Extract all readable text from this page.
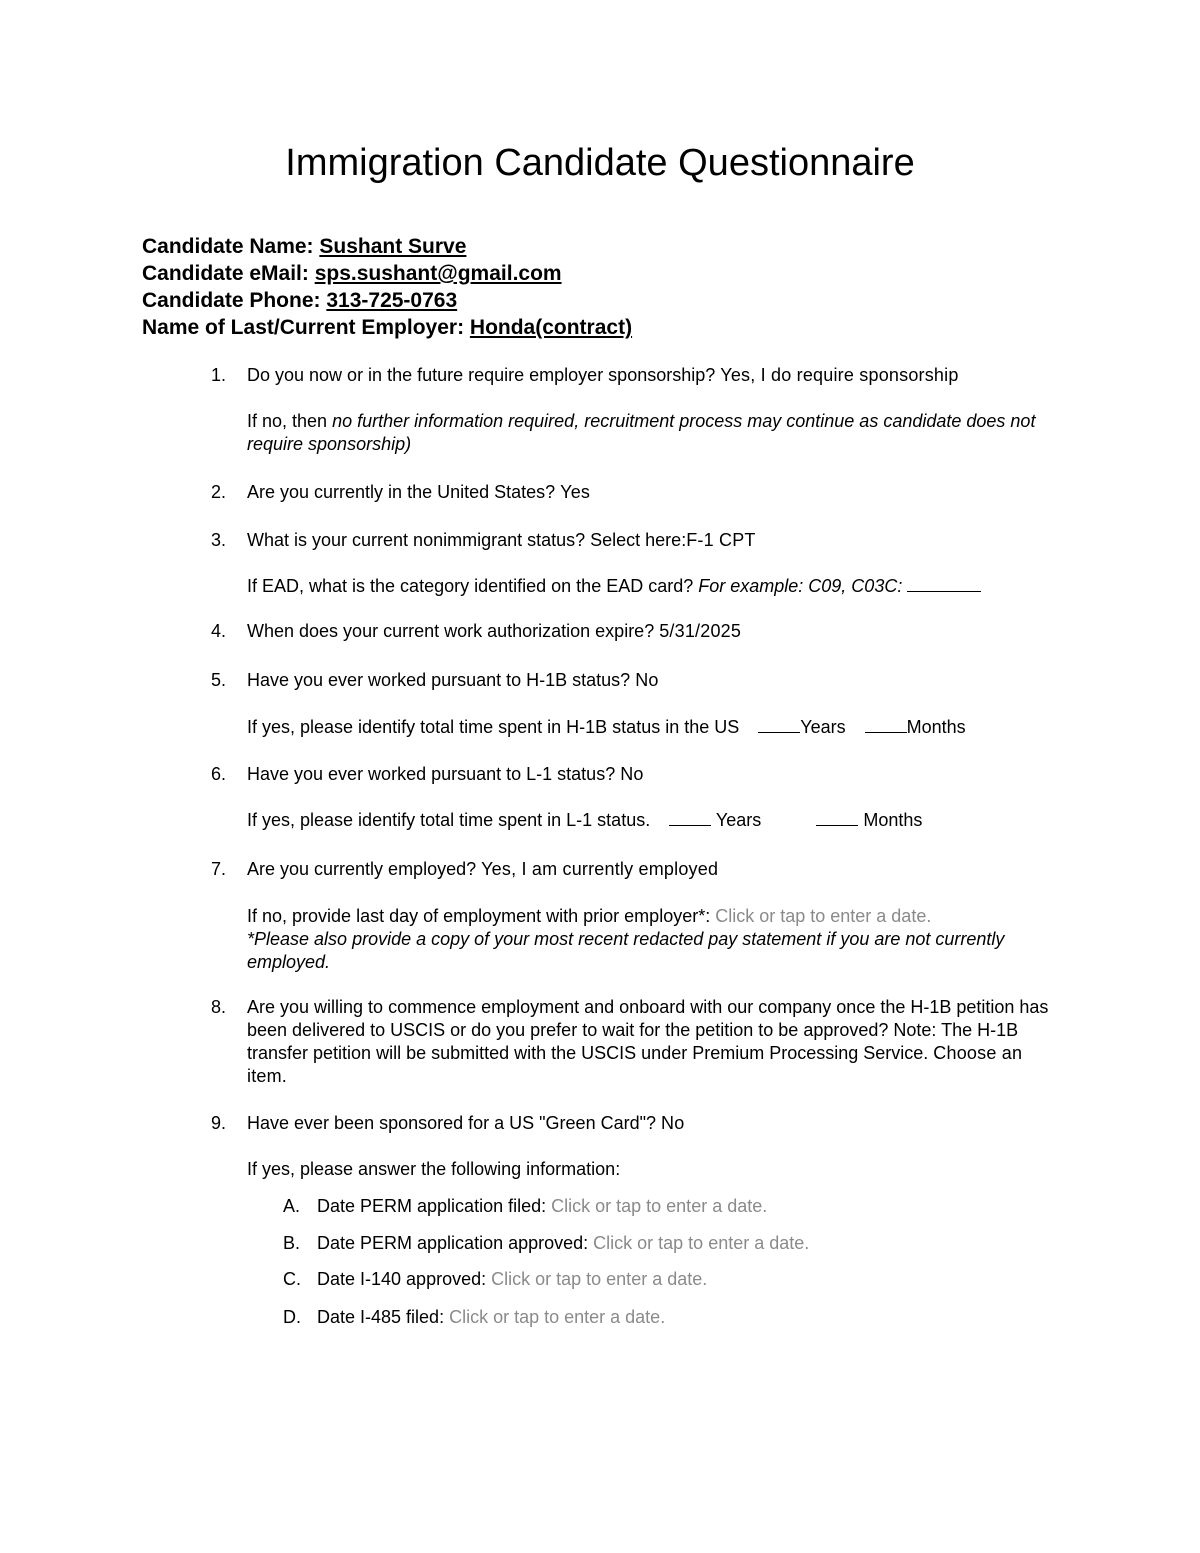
Immigration Candidate Questionnaire
Candidate Name: Sushant Surve
Candidate eMail: sps.sushant@gmail.com
Candidate Phone: 313-725-0763
Name of Last/Current Employer: Honda(contract)
1.	Do you now or in the future require employer sponsorship? Yes, I do require sponsorship
If no, then no further information required, recruitment process may continue as candidate does not require sponsorship)
2.	Are you currently in the United States? Yes
3.	What is your current nonimmigrant status? Select here:F-1 CPT
If EAD, what is the category identified on the EAD card? For example: C09, C03C:
4.	When does your current work authorization expire? 5/31/2025
5.	Have you ever worked pursuant to H-1B status? No
If yes, please identify total time spent in H-1B status in the US	Years	Months
6.	Have you ever worked pursuant to L-1 status? No
If yes, please identify total time spent in L-1 status.	Years	Months
7.	Are you currently employed? Yes, I am currently employed
If no, provide last day of employment with prior employer*: Click or tap to enter a date.
*Please also provide a copy of your most recent redacted pay statement if you are not currently employed.
8.	Are you willing to commence employment and onboard with our company once the H-1B petition has been delivered to USCIS or do you prefer to wait for the petition to be approved? Note: The H-1B transfer petition will be submitted with the USCIS under Premium Processing Service. Choose an item.
9.	Have ever been sponsored for a US "Green Card"? No
If yes, please answer the following information:
A. Date PERM application filed: Click or tap to enter a date.
B. Date PERM application approved: Click or tap to enter a date.
C. Date I-140 approved: Click or tap to enter a date.
D. Date I-485 filed: Click or tap to enter a date.
